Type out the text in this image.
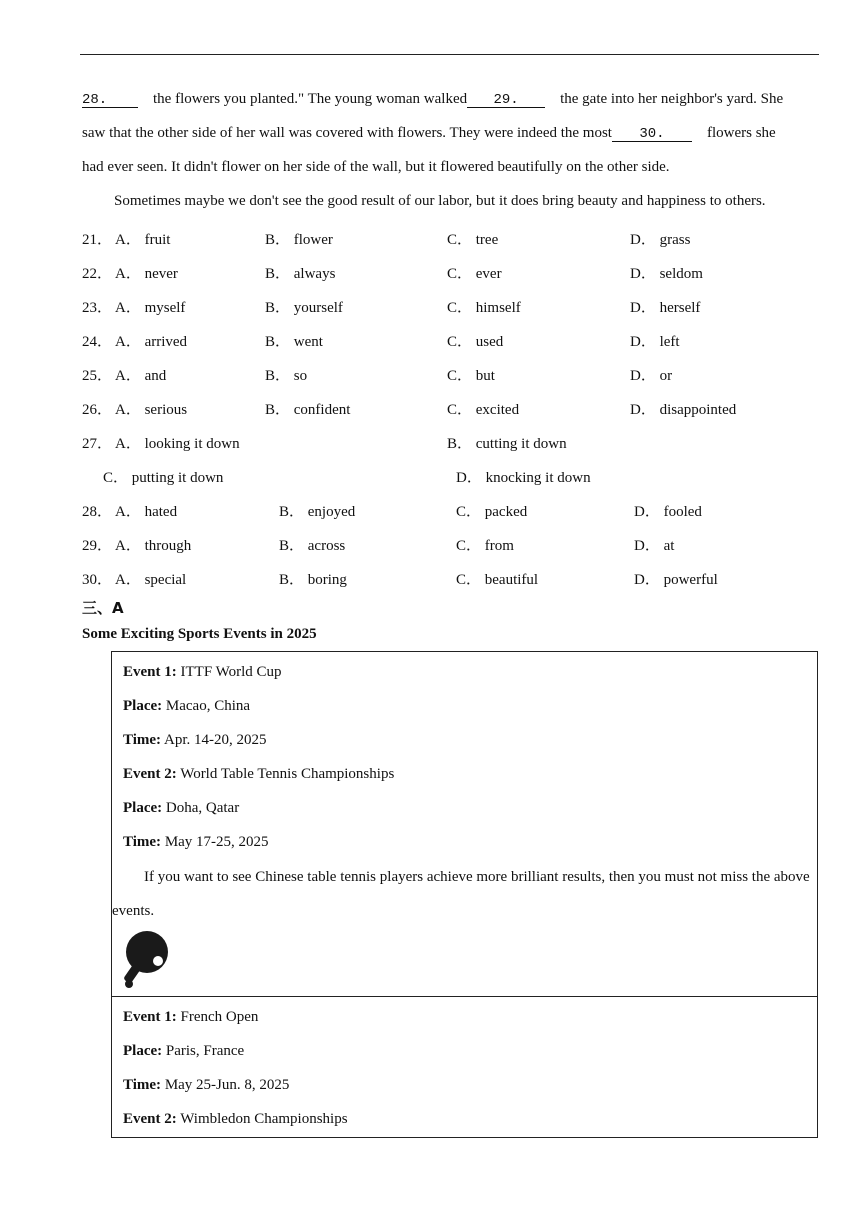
28.	the flowers you planted." The young woman walked 29.	the gate into her neighbor's yard. She
saw that the other side of her wall was covered with flowers. They were indeed the most 30.	flowers she
had ever seen. It didn't flower on her side of the wall, but it flowered beautifully on the other side.
Sometimes maybe we don't see the good result of our labor, but it does bring beauty and happiness to others.
21． A． fruit	B． flower	C． tree	D． grass
22． A． never	B． always	C． ever	D． seldom
23． A． myself	B． yourself	C． himself	D． herself
24． A． arrived	B． went	C． used	D． left
25． A． and	B． so	C． but	D． or
26． A． serious	B． confident	C． excited	D． disappointed
27． A． looking it down	B． cutting it down
C． putting it down	D． knocking it down
28． A． hated	B． enjoyed	C． packed	D． fooled
29． A． through	B． across	C． from	D． at
30． A． special	B． boring	C． beautiful	D． powerful
三、A
Some Exciting Sports Events in 2025
Event 1: ITTF World Cup
Place: Macao, China
Time: Apr. 14-20, 2025
Event 2: World Table Tennis Championships
Place: Doha, Qatar
Time: May 17-25, 2025
If you want to see Chinese table tennis players achieve more brilliant results, then you must not miss the above events.
Event 1: French Open
Place: Paris, France
Time: May 25-Jun. 8, 2025
Event 2: Wimbledon Championships
